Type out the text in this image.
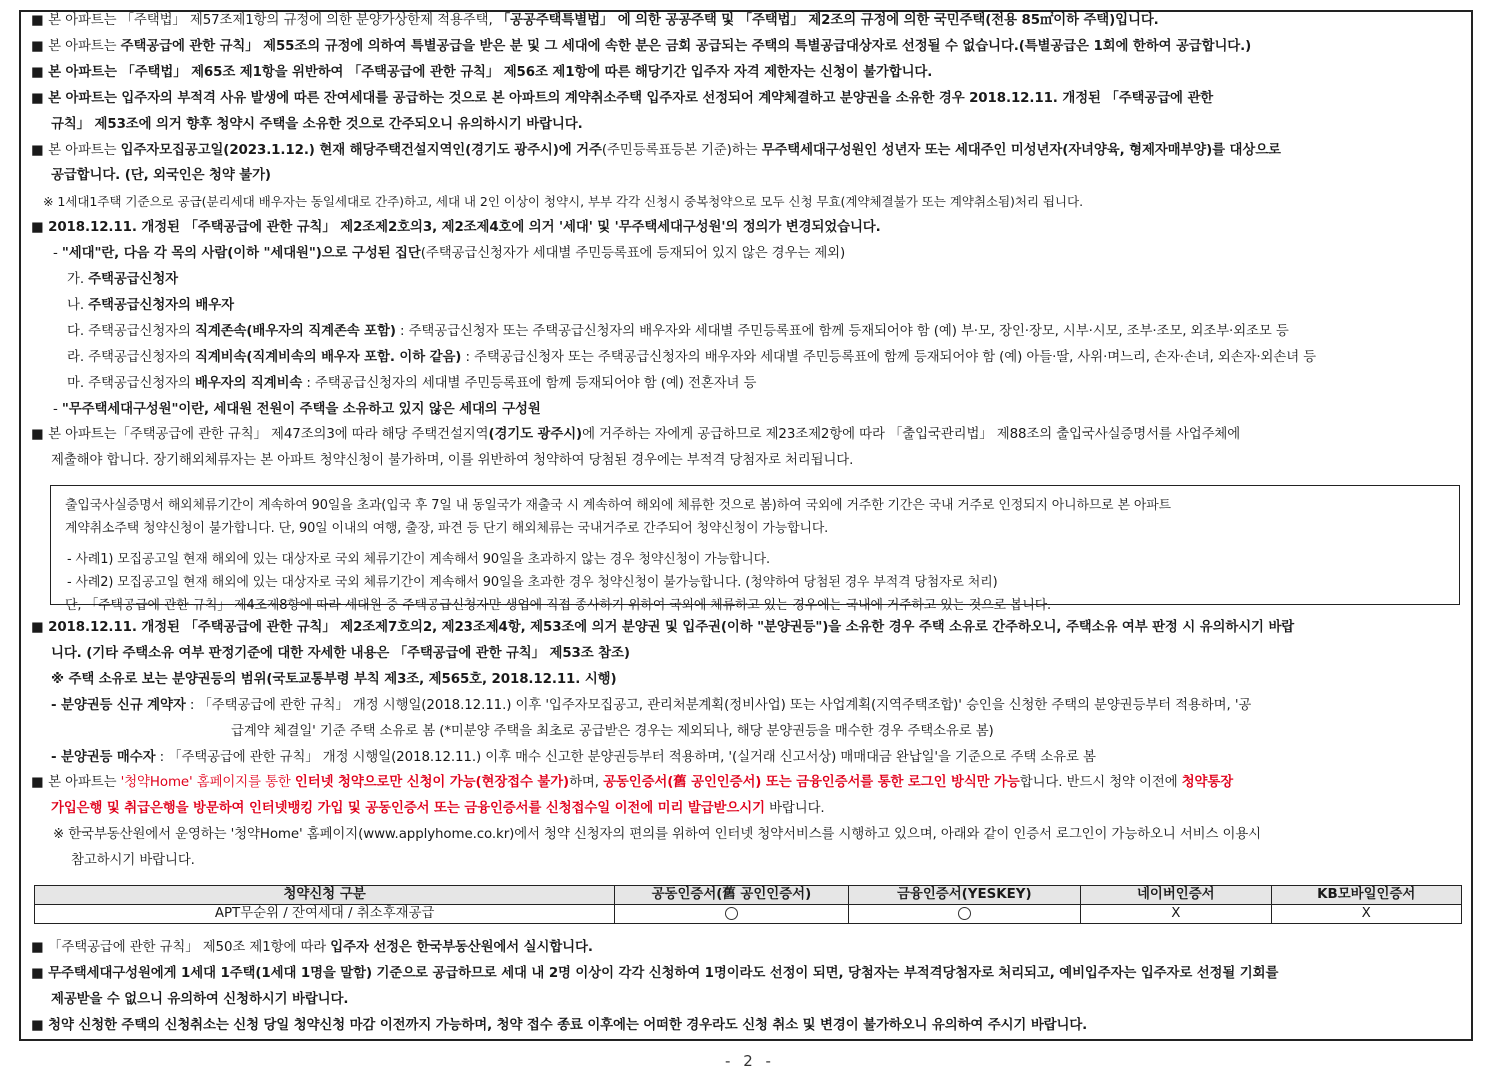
■ 본 아파트는 「주택법」 제57조제1항의 규정에 의한 분양가상한제 적용주택, 「공공주택특별법」 에 의한 공공주택 및 「주택법」 제2조의 규정에 의한 국민주택(전용 85㎡이하 주택)입니다.
■ 본 아파트는 주택공급에 관한 규칙」 제55조의 규정에 의하여 특별공급을 받은 분 및 그 세대에 속한 분은 금회 공급되는 주택의 특별공급대상자로 선정될 수 없습니다.(특별공급은 1회에 한하여 공급합니다.)
■ 본 아파트는 「주택법」 제65조 제1항을 위반하여 「주택공급에 관한 규칙」 제56조 제1항에 따른 해당기간 입주자 자격 제한자는 신청이 불가합니다.
■ 본 아파트는 입주자의 부적격 사유 발생에 따른 잔여세대를 공급하는 것으로 본 아파트의 계약취소주택 입주자로 선정되어 계약체결하고 분양권을 소유한 경우 2018.12.11. 개정된 「주택공급에 관한
규칙」 제53조에 의거 향후 청약시 주택을 소유한 것으로 간주되오니 유의하시기 바랍니다.
■ 본 아파트는 입주자모집공고일(2023.1.12.) 현재 해당주택건설지역인(경기도 광주시)에 거주(주민등록표등본 기준)하는 무주택세대구성원인 성년자 또는 세대주인 미성년자(자녀양육, 형제자매부양)를 대상으로
공급합니다. (단, 외국인은 청약 불가)
※ 1세대1주택 기준으로 공급(분리세대 배우자는 동일세대로 간주)하고, 세대 내 2인 이상이 청약시, 부부 각각 신청시 중복청약으로 모두 신청 무효(계약체결불가 또는 계약취소됨)처리 됩니다.
■ 2018.12.11. 개정된 「주택공급에 관한 규칙」 제2조제2호의3, 제2조제4호에 의거 '세대' 및 '무주택세대구성원'의 정의가 변경되었습니다.
- "세대"란, 다음 각 목의 사람(이하 "세대원")으로 구성된 집단(주택공급신청자가 세대별 주민등록표에 등재되어 있지 않은 경우는 제외)
가. 주택공급신청자
나. 주택공급신청자의 배우자
다. 주택공급신청자의 직계존속(배우자의 직계존속 포함) : 주택공급신청자 또는 주택공급신청자의 배우자와 세대별 주민등록표에 함께 등재되어야 함 (예) 부·모, 장인·장모, 시부·시모, 조부·조모, 외조부·외조모 등
라. 주택공급신청자의 직계비속(직계비속의 배우자 포함. 이하 같음) : 주택공급신청자 또는 주택공급신청자의 배우자와 세대별 주민등록표에 함께 등재되어야 함 (예) 아들·딸, 사위·며느리, 손자·손녀, 외손자·외손녀 등
마. 주택공급신청자의 배우자의 직계비속 : 주택공급신청자의 세대별 주민등록표에 함께 등재되어야 함 (예) 전혼자녀 등
- "무주택세대구성원"이란, 세대원 전원이 주택을 소유하고 있지 않은 세대의 구성원
■ 본 아파트는「주택공급에 관한 규칙」 제47조의3에 따라 해당 주택건설지역(경기도 광주시)에 거주하는 자에게 공급하므로 제23조제2항에 따라 「출입국관리법」 제88조의 출입국사실증명서를 사업주체에
제출해야 합니다. 장기해외체류자는 본 아파트 청약신청이 불가하며, 이를 위반하여 청약하여 당첨된 경우에는 부적격 당첨자로 처리됩니다.
■ 2018.12.11. 개정된 「주택공급에 관한 규칙」 제2조제7호의2, 제23조제4항, 제53조에 의거 분양권 및 입주권(이하 "분양권등")을 소유한 경우 주택 소유로 간주하오니, 주택소유 여부 판정 시 유의하시기 바랍
니다. (기타 주택소유 여부 판정기준에 대한 자세한 내용은 「주택공급에 관한 규칙」 제53조 참조)
※ 주택 소유로 보는 분양권등의 범위(국토교통부령 부칙 제3조, 제565호, 2018.12.11. 시행)
- 분양권등 신규 계약자 : 「주택공급에 관한 규칙」 개정 시행일(2018.12.11.) 이후 '입주자모집공고, 관리처분계획(정비사업) 또는 사업계획(지역주택조합)' 승인을 신청한 주택의 분양권등부터 적용하며, '공
급계약 체결일' 기준 주택 소유로 봄 (*미분양 주택을 최초로 공급받은 경우는 제외되나, 해당 분양권등을 매수한 경우 주택소유로 봄)
- 분양권등 매수자 : 「주택공급에 관한 규칙」 개정 시행일(2018.12.11.) 이후 매수 신고한 분양권등부터 적용하며, '(실거래 신고서상) 매매대금 완납일'을 기준으로 주택 소유로 봄
■ 본 아파트는 '청약Home' 홈페이지를 통한 인터넷 청약으로만 신청이 가능(현장접수 불가)하며, 공동인증서(舊 공인인증서) 또는 금융인증서를 통한 로그인 방식만 가능합니다. 반드시 청약 이전에 청약통장
가입은행 및 취급은행을 방문하여 인터넷뱅킹 가입 및 공동인증서 또는 금융인증서를 신청접수일 이전에 미리 발급받으시기 바랍니다.
※ 한국부동산원에서 운영하는 '청약Home' 홈페이지(www.applyhome.co.kr)에서 청약 신청자의 편의를 위하여 인터넷 청약서비스를 시행하고 있으며, 아래와 같이 인증서 로그인이 가능하오니 서비스 이용시
참고하시기 바랍니다.
■ 「주택공급에 관한 규칙」 제50조 제1항에 따라 입주자 선정은 한국부동산원에서 실시합니다.
■ 무주택세대구성원에게 1세대 1주택(1세대 1명을 말함) 기준으로 공급하므로 세대 내 2명 이상이 각각 신청하여 1명이라도 선정이 되면, 당첨자는 부적격당첨자로 처리되고, 예비입주자는 입주자로 선정될 기회를
제공받을 수 없으니 유의하여 신청하시기 바랍니다.
■ 청약 신청한 주택의 신청취소는 신청 당일 청약신청 마감 이전까지 가능하며, 청약 접수 종료 이후에는 어떠한 경우라도 신청 취소 및 변경이 불가하오니 유의하여 주시기 바랍니다.
출입국사실증명서 해외체류기간이 계속하여 90일을 초과(입국 후 7일 내 동일국가 재출국 시 계속하여 해외에 체류한 것으로 봄)하여 국외에 거주한 기간은 국내 거주로 인정되지 아니하므로 본 아파트
계약취소주택 청약신청이 불가합니다. 단, 90일 이내의 여행, 출장, 파견 등 단기 해외체류는 국내거주로 간주되어 청약신청이 가능합니다.
- 사례1) 모집공고일 현재 해외에 있는 대상자로 국외 체류기간이 계속해서 90일을 초과하지 않는 경우 청약신청이 가능합니다.
- 사례2) 모집공고일 현재 해외에 있는 대상자로 국외 체류기간이 계속해서 90일을 초과한 경우 청약신청이 불가능합니다. (청약하여 당첨된 경우 부적격 당첨자로 처리)
단, 「주택공급에 관한 규칙」 제4조제8항에 따라 세대원 중 주택공급신청자만 생업에 직접 종사하기 위하여 국외에 체류하고 있는 경우에는 국내에 거주하고 있는 것으로 봅니다.
청약신청 구분	공동인증서(舊 공인인증서)	금융인증서(YESKEY)	네이버인증서	KB모바일인증서
APT무순위 / 잔여세대 / 취소후재공급			X	X
- 2 -
